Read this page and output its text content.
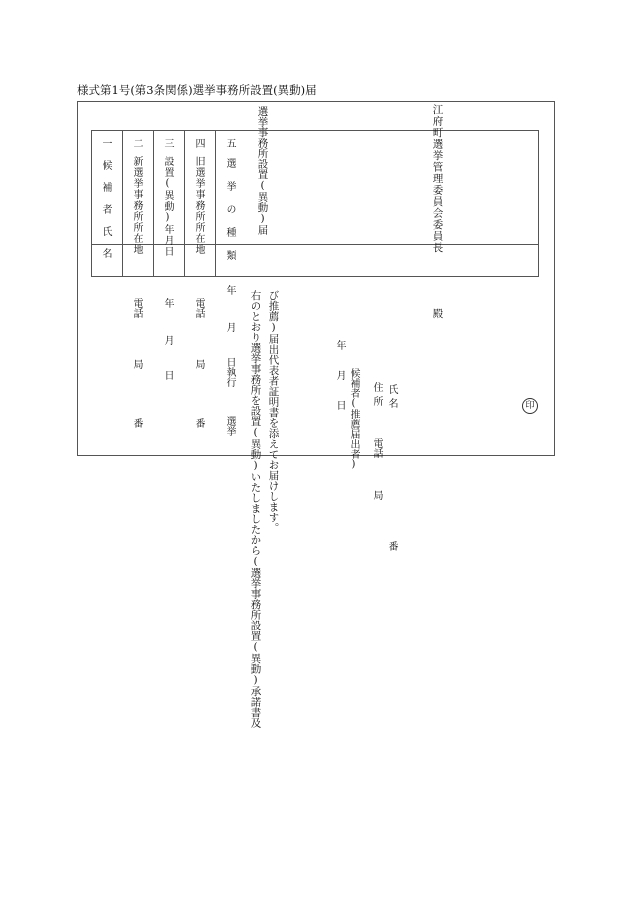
様式第1号(第3条関係)選挙事務所設置(異動)届
選挙事務所設置(異動)届
一
候補者氏名
二
新選挙事務所所在地
電話
局
番
三
設置(異動)年月日
年
月
日
四
旧選挙事務所所在地
電話
局
番
五
選挙の種類
年
月
日執行
選挙 右のとおり選挙事務所を設置(異動)いたしましたから(選挙事務所設置(異動)承諾書及 び推薦)届出代表者証明書を添えてお届けします。	年
月
日 候補者(推薦届出者) 住所
電話
局
氏名	印
番
江府町選挙管理委員会委員長
殿
